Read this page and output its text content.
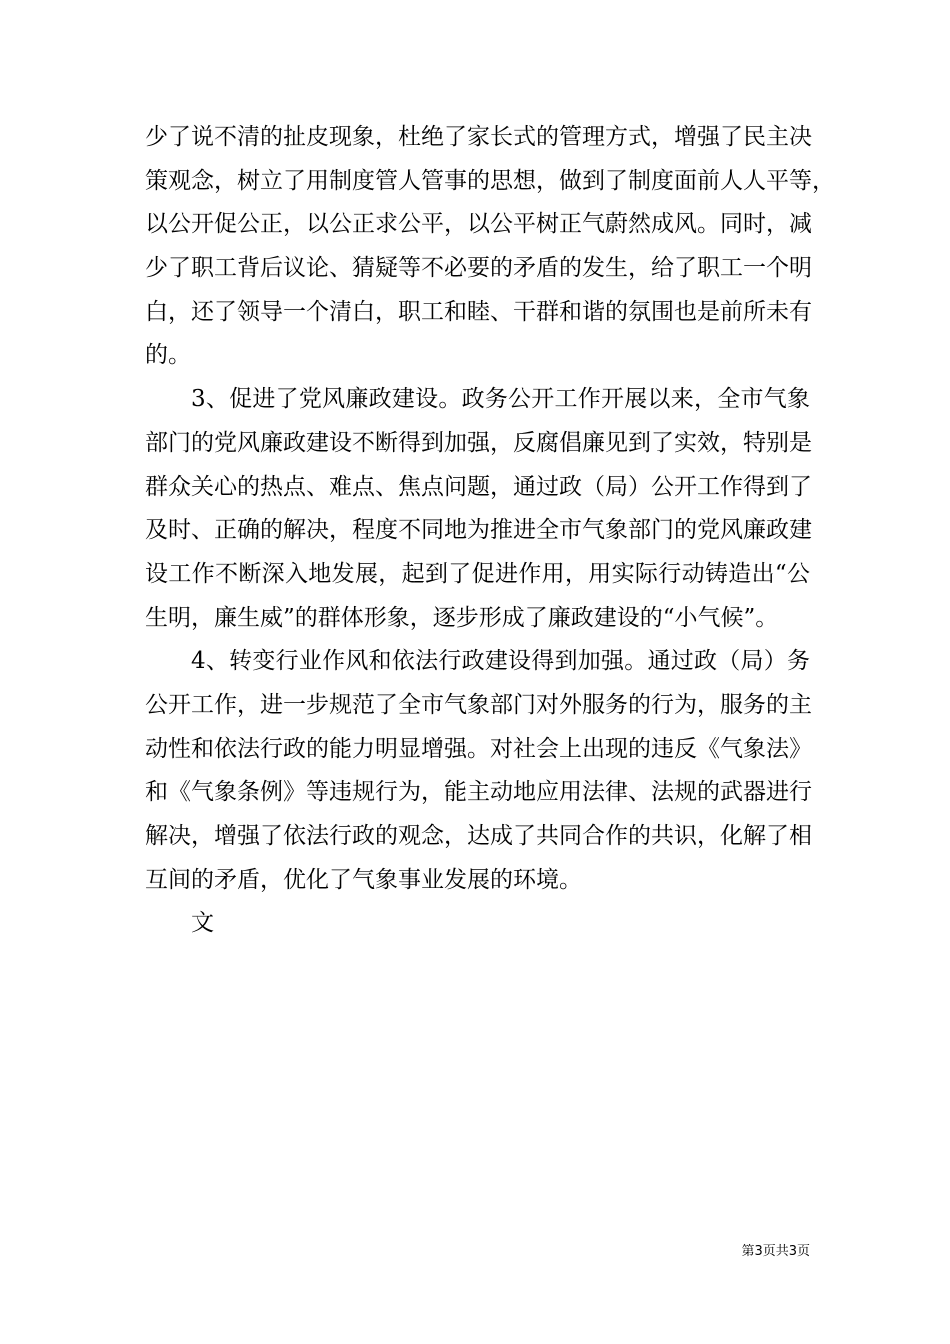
少了说不清的扯皮现象，杜绝了家长式的管理方式，增强了民主决
策观念，树立了用制度管人管事的思想，做到了制度面前人人平等，
以公开促公正，以公正求公平，以公平树正气蔚然成风。同时，减
少了职工背后议论、猜疑等不必要的矛盾的发生，给了职工一个明
白，还了领导一个清白，职工和睦、干群和谐的氛围也是前所未有
的。
3、促进了党风廉政建设。政务公开工作开展以来，全市气象
部门的党风廉政建设不断得到加强，反腐倡廉见到了实效，特别是
群众关心的热点、难点、焦点问题，通过政（局）公开工作得到了
及时、正确的解决，程度不同地为推进全市气象部门的党风廉政建
设工作不断深入地发展，起到了促进作用，用实际行动铸造出“公
生明，廉生威”的群体形象，逐步形成了廉政建设的“小气候”。
4、转变行业作风和依法行政建设得到加强。通过政（局）务
公开工作，进一步规范了全市气象部门对外服务的行为，服务的主
动性和依法行政的能力明显增强。对社会上出现的违反《气象法》
和《气象条例》等违规行为，能主动地应用法律、法规的武器进行
解决，增强了依法行政的观念，达成了共同合作的共识，化解了相
互间的矛盾，优化了气象事业发展的环境。
文
第3页共3页
